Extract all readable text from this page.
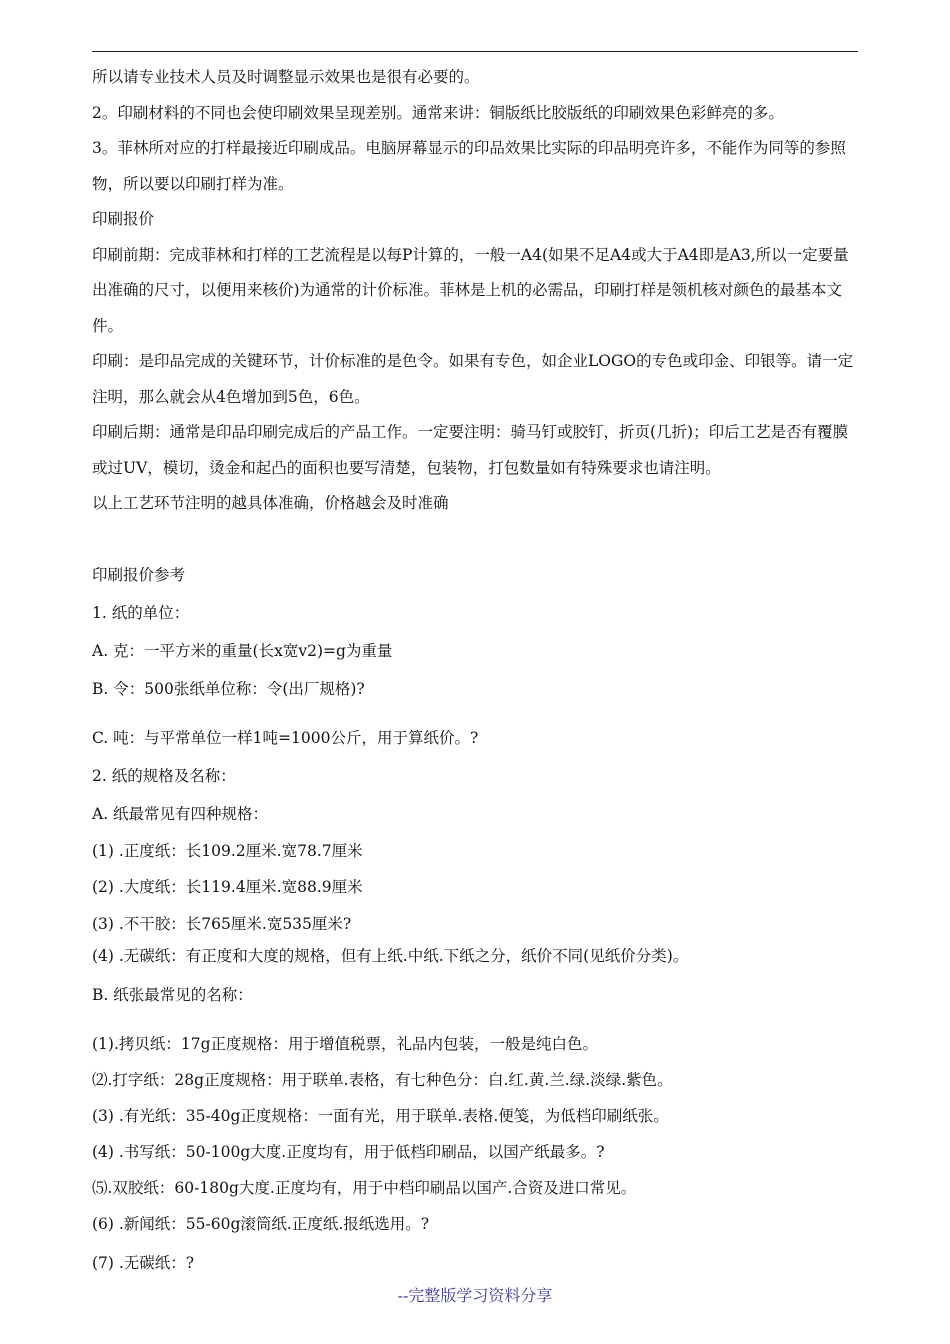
所以请专业技术人员及时调整显示效果也是很有必要的。

2。印刷材料的不同也会使印刷效果呈现差别。通常来讲：铜版纸比胶版纸的印刷效果色彩鲜亮的多。

3。菲林所对应的打样最接近印刷成品。电脑屏幕显示的印品效果比实际的印品明亮许多，不能作为同等的参照物，所以要以印刷打样为准。

印刷报价

印刷前期：完成菲林和打样的工艺流程是以每P计算的，一般一A4(如果不足A4或大于A4即是A3,所以一定要量出准确的尺寸，以便用来核价)为通常的计价标准。菲林是上机的必需品，印刷打样是领机核对颜色的最基本文件。

印刷：是印品完成的关键环节，计价标准的是色令。如果有专色，如企业LOGO的专色或印金、印银等。请一定注明，那么就会从4色增加到5色，6色。

印刷后期：通常是印品印刷完成后的产品工作。一定要注明：骑马钉或胶钉，折页(几折)；印后工艺是否有覆膜或过UV，模切，烫金和起凸的面积也要写清楚，包装物，打包数量如有特殊要求也请注明。

以上工艺环节注明的越具体准确，价格越会及时准确

印刷报价参考

1. 纸的单位：

A. 克：一平方米的重量(长x宽v2)=g为重量

B. 令：500张纸单位称：令(出厂规格)?

C. 吨：与平常单位一样1吨=1000公斤，用于算纸价。?

2. 纸的规格及名称：

A. 纸最常见有四种规格：

(1) .正度纸：长109.2厘米.宽78.7厘米

(2) .大度纸：长119.4厘米.宽88.9厘米

(3) .不干胶：长765厘米.宽535厘米?

(4) .无碳纸：有正度和大度的规格，但有上纸.中纸.下纸之分，纸价不同(见纸价分类)。

B. 纸张最常见的名称：

(1).拷贝纸：17g正度规格：用于增值税票，礼品内包装，一般是纯白色。

⑵.打字纸：28g正度规格：用于联单.表格，有七种色分：白.红.黄.兰.绿.淡绿.紫色。

(3) .有光纸：35-40g正度规格：一面有光，用于联单.表格.便笺，为低档印刷纸张。

(4) .书写纸：50-100g大度.正度均有，用于低档印刷品，以国产纸最多。?

⑸.双胶纸：60-180g大度.正度均有，用于中档印刷品以国产.合资及进口常见。

(6) .新闻纸：55-60g滚筒纸.正度纸.报纸选用。?

(7) .无碳纸：?

--完整版学习资料分享
